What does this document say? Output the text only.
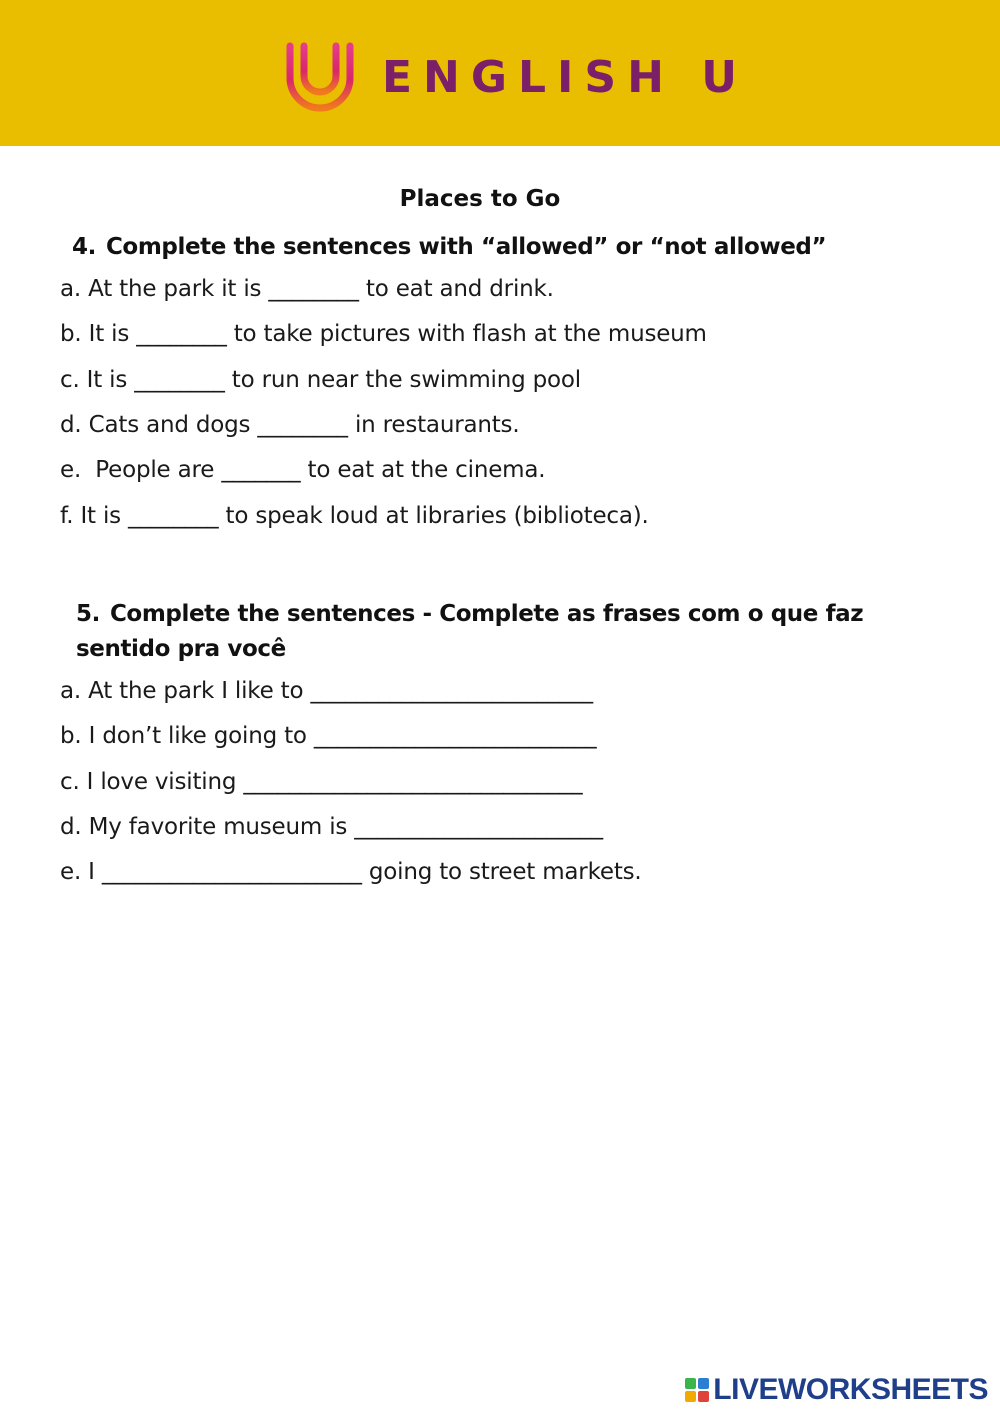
ENGLISH U
Places to Go
4. Complete the sentences with “allowed” or “not allowed”
a. At the park it is ________ to eat and drink.
b. It is ________ to take pictures with flash at the museum
c. It is ________ to run near the swimming pool
d. Cats and dogs ________ in restaurants.
e.  People are _______ to eat at the cinema.
f. It is ________ to speak loud at libraries (biblioteca).
5. Complete the sentences - Complete as frases com o que faz sentido pra você
a. At the park I like to _________________________
b. I don’t like going to _________________________
c. I love visiting ______________________________
d. My favorite museum is ______________________
e. I _______________________ going to street markets.
LIVEWORKSHEETS
